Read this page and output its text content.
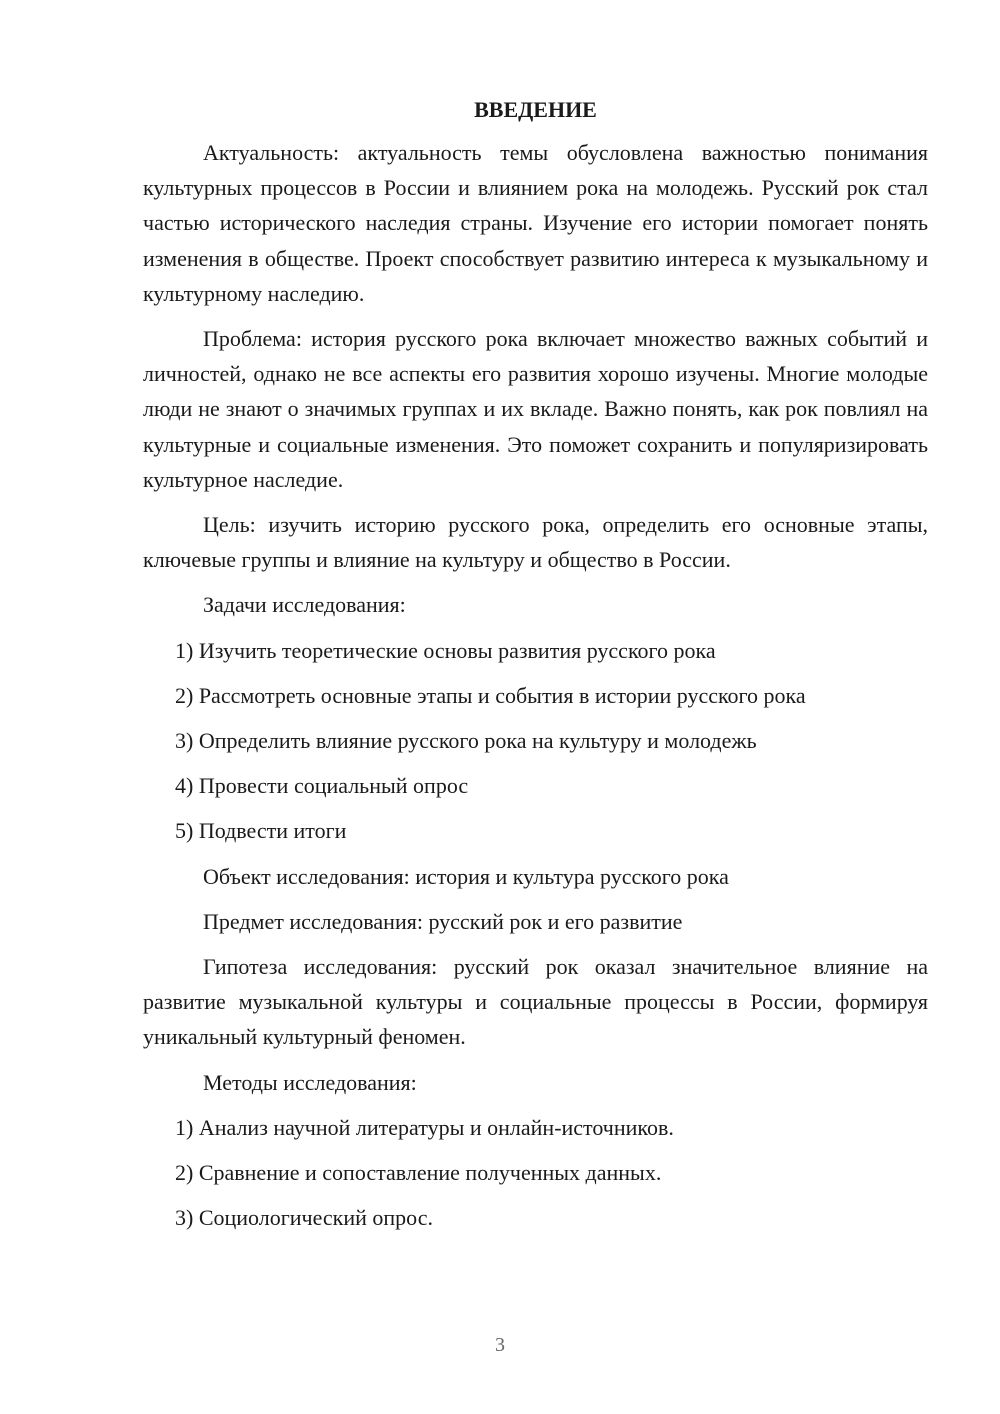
ВВЕДЕНИЕ

Актуальность: актуальность темы обусловлена важностью понимания культурных процессов в России и влиянием рока на молодежь. Русский рок стал частью исторического наследия страны. Изучение его истории помогает понять изменения в обществе. Проект способствует развитию интереса к музыкальному и культурному наследию.

Проблема: история русского рока включает множество важных событий и личностей, однако не все аспекты его развития хорошо изучены. Многие молодые люди не знают о значимых группах и их вкладе. Важно понять, как рок повлиял на культурные и социальные изменения. Это поможет сохранить и популяризировать культурное наследие.

Цель: изучить историю русского рока, определить его основные этапы, ключевые группы и влияние на культуру и общество в России.

Задачи исследования:
1) Изучить теоретические основы развития русского рока
2) Рассмотреть основные этапы и события в истории русского рока
3) Определить влияние русского рока на культуру и молодежь
4) Провести социальный опрос
5) Подвести итоги
Объект исследования: история и культура русского рока
Предмет исследования: русский рок и его развитие

Гипотеза исследования: русский рок оказал значительное влияние на развитие музыкальной культуры и социальные процессы в России, формируя уникальный культурный феномен.

Методы исследования:
1) Анализ научной литературы и онлайн-источников.
2) Сравнение и сопоставление полученных данных.
3) Социологический опрос.
3
